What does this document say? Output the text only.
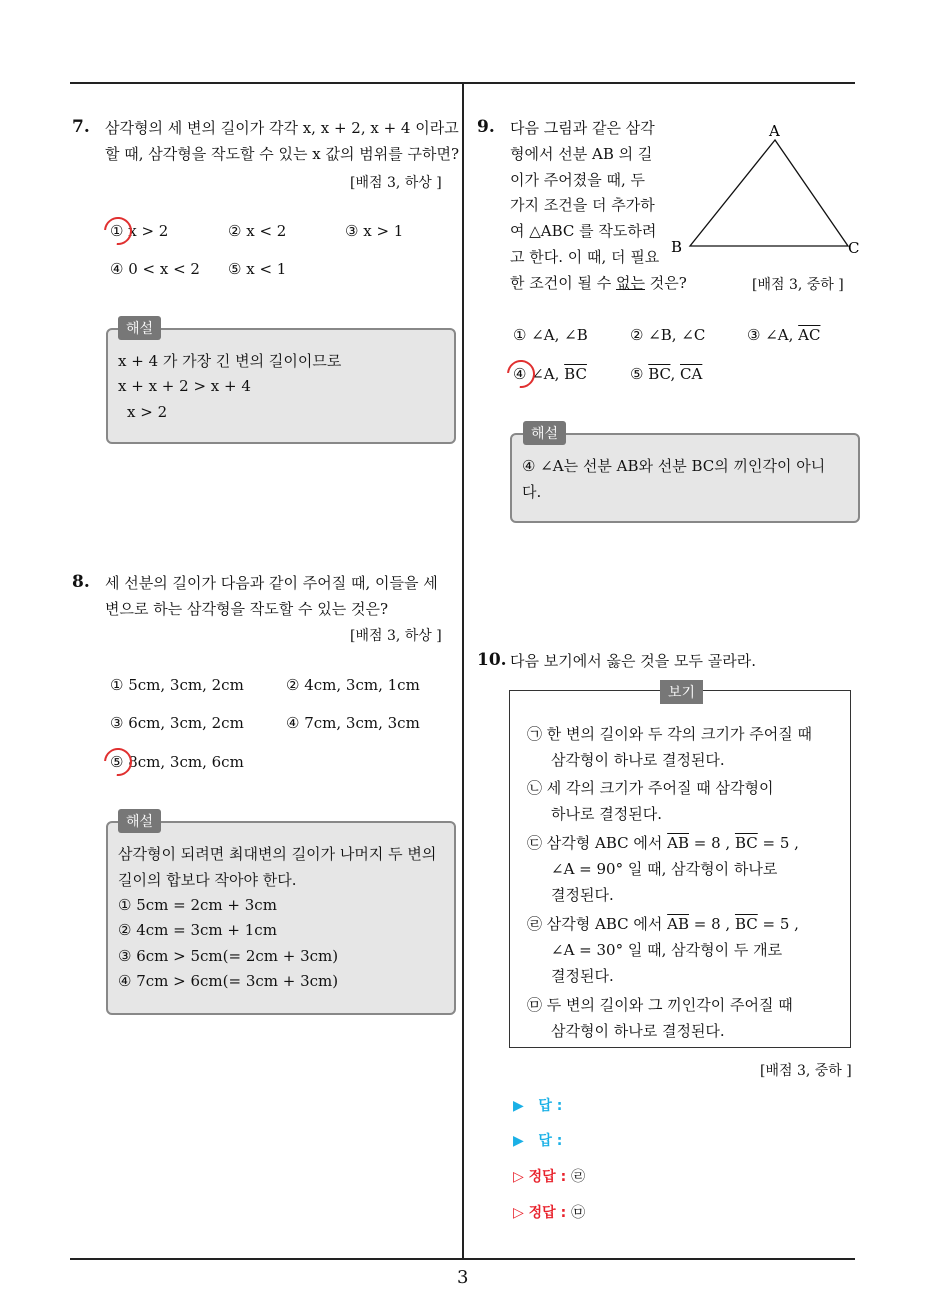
7. 삼각형의 세 변의 길이가 각각 x, x + 2, x + 4 이라고
할 때, 삼각형을 작도할 수 있는 x 값의 범위를 구하면?
[배점 3, 하상 ]
① x > 2	② x < 2	③ x > 1
④ 0 < x < 2 ⑤ x < 1
해설
x + 4 가 가장 긴 변의 길이이므로
x + x + 2 > x + 4
x > 2
8. 세 선분의 길이가 다음과 같이 주어질 때, 이들을 세
변으로 하는 삼각형을 작도할 수 있는 것은?
[배점 3, 하상 ]
① 5cm, 3cm, 2cm	② 4cm, 3cm, 1cm
③ 6cm, 3cm, 2cm	④ 7cm, 3cm, 3cm
⑤ 8cm, 3cm, 6cm
해설
삼각형이 되려면 최대변의 길이가 나머지 두 변의
길이의 합보다 작아야 한다.
① 5cm = 2cm + 3cm
② 4cm = 3cm + 1cm
③ 6cm > 5cm(= 2cm + 3cm)
④ 7cm > 6cm(= 3cm + 3cm)
9. 다음 그림과 같은 삼각
형에서 선분 AB 의 길
이가 주어졌을 때, 두
가지 조건을 더 추가하
여 △ABC 를 작도하려
고 한다. 이 때, 더 필요
한 조건이 될 수 없는 것은?	[배점 3, 중하 ]
A
B	C
① ∠A, ∠B	② ∠B, ∠C	③ ∠A, $\overline{AC}$
④ ∠A, $\overline{BC}$	⑤ $\overline{BC}$, $\overline{CA}$
해설
④ ∠A는 선분 AB와 선분 BC의 끼인각이 아니
다.
10. 다음 보기에서 옳은 것을 모두 골라라.
보기
㉠ 한 변의 길이와 두 각의 크기가 주어질 때
삼각형이 하나로 결정된다.
㉡ 세 각의 크기가 주어질 때 삼각형이
하나로 결정된다.
㉢ 삼각형 ABC 에서 $\overline{AB} = 8$ , $\overline{BC} = 5$ ,
∠A = 90° 일 때, 삼각형이 하나로
결정된다.
㉣ 삼각형 ABC 에서 $\overline{AB} = 8$ , $\overline{BC} = 5$ ,
∠A = 30° 일 때, 삼각형이 두 개로
결정된다.
㉤ 두 변의 길이와 그 끼인각이 주어질 때
삼각형이 하나로 결정된다.
[배점 3, 중하 ]
▶ 답 :
▶ 답 :
▷ 정답 : ㉣
▷ 정답 : ㉤
3
